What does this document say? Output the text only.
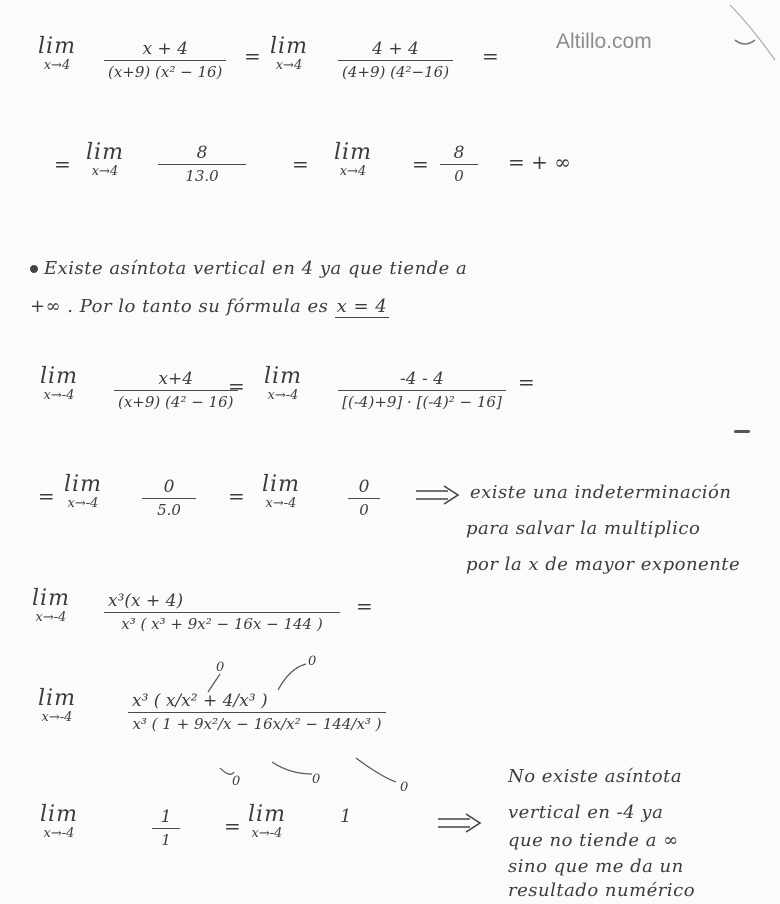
Altillo.com
lim
x→4	$\frac{x + 4}{\text{(x+9) (x² − 16)}} = \lim$
x→4	$\frac{4 + 4}{\text{(4+9) (4²−16)}}$ =
= lim
x→4	$\frac{8}{13.0} = \lim$
$x\to 4 = \frac{8}{0}$ = + ∞
Existe asíntota vertical en 4 ya que tiende a
+∞ . Por lo tanto su fórmula es x = 4
lim
$x\to-4 \frac{x+4}{\text{(x+9) (4² − 16)}}$
= lim
$x\to-4 \frac{-4 - 4}{\text{[(-4)+9] · [(-4)² − 16]}}$ =
= lim
x→-4	$\frac{0}{5.0} = \lim$
x→-4	$\frac{0}{0}$	existe una indeterminación
para salvar la multiplico
por la x de mayor exponente
lim
$x\to-4 \frac{\text{x³(x + 4)}}{\text{x³ ( x³ + 9x² − 16x − 144 )}}$ =
lim
x→-4	$\frac{\text{x³ ( x/x² + 4/x³ )}}{\text{x³ ( 1 + 9x²/x − 16x/x² − 144/x³ )}}$
0	0
0	0
0
lim
x→-4	$\frac{1}{1} = \lim$
x→-4
1
No existe asíntota
vertical en -4 ya
que no tiende a ∞
sino que me da un
resultado numérico
